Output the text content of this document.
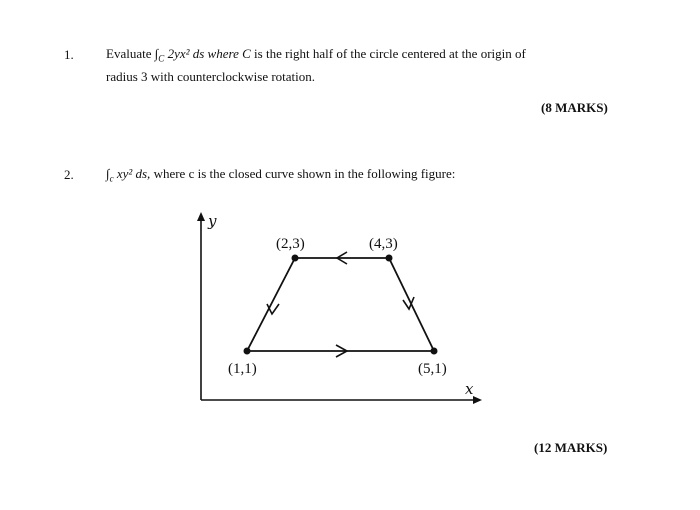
1. Evaluate $\int_C$ 2yx² ds where C is the right half of the circle centered at the origin of
radius 3 with counterclockwise rotation.
(8 MARKS)
2. $\int_c$ xy² ds, where c is the closed curve shown in the following figure:
y
x
(1,1)	(5,1)
(4,3)
(2,3)
(12 MARKS)
